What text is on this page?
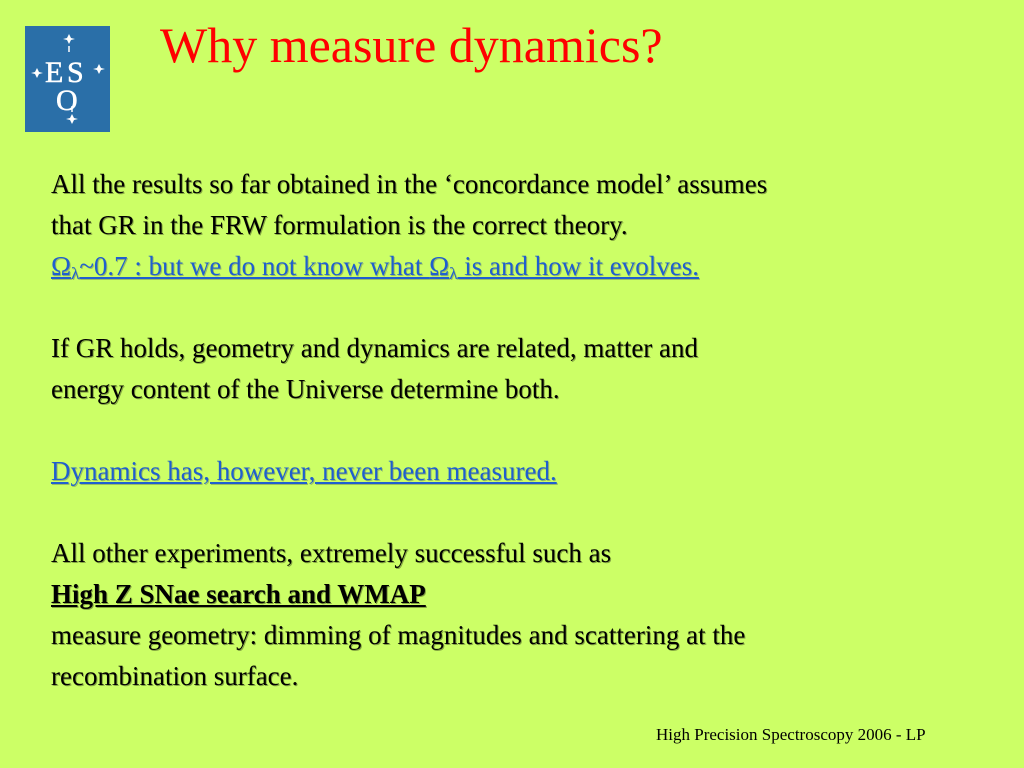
E S
O
Why measure dynamics?

All the results so far obtained in the ‘concordance model’ assumes

that GR in the FRW formulation is the correct theory.

$\Omega_\lambda\sim 0.7$ : but we do not know what $\Omega_\lambda$ is and how it evolves.

If GR holds, geometry and dynamics are related, matter and

energy content of the Universe determine both.

Dynamics has, however, never been measured.

All other experiments, extremely successful such as

High Z SNae search and WMAP

measure geometry: dimming of magnitudes and scattering at the

recombination surface.

High Precision Spectroscopy 2006 - LP
